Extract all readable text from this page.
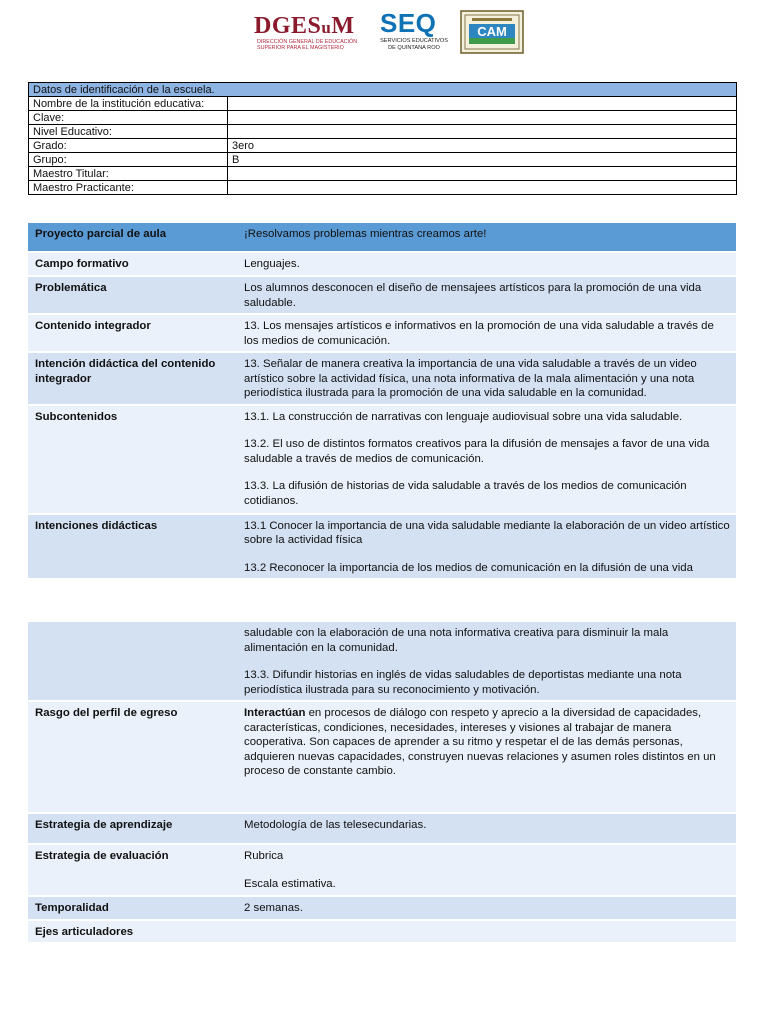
DGESuM
DIRECCIÓN GENERAL DE EDUCACIÓN
SUPERIOR PARA EL MAGISTERIO
SEQ
SERVICIOS EDUCATIVOS
DE QUINTANA ROO
CAM
Datos de identificación de la escuela.	
Nombre de la institución educativa:	
Clave:	
Nivel Educativo:	
Grado:	3ero
Grupo:	B
Maestro Titular:	
Maestro Practicante:	
Proyecto parcial de aula	¡Resolvamos problemas mientras creamos arte!
Campo formativo	Lenguajes.
Problemática	Los alumnos desconocen el diseño de mensajees artísticos para la promoción de una vida saludable.
Contenido integrador	13. Los mensajes artísticos e informativos en la promoción de una vida saludable a través de los medios de comunicación.
Intención didáctica del contenido integrador	13. Señalar de manera creativa la importancia de una vida saludable a través de un video artístico sobre la actividad física, una nota informativa de la mala alimentación y una nota periodística ilustrada para la promoción de una vida saludable en la comunidad.
Subcontenidos	13.1. La construcción de narrativas con lenguaje audiovisual sobre una vida saludable.

13.2. El uso de distintos formatos creativos para la difusión de mensajes a favor de una vida saludable a través de medios de comunicación.

13.3. La difusión de historias de vida saludable a través de los medios de comunicación cotidianos.

Intenciones didácticas	13.1 Conocer la importancia de una vida saludable mediante la elaboración de un video artístico sobre la actividad física

13.2 Reconocer la importancia de los medios de comunicación en la difusión de una vida

	saludable con la elaboración de una nota informativa creativa para disminuir la mala alimentación en la comunidad.

13.3. Difundir historias en inglés de vidas saludables de deportistas mediante una nota periodística ilustrada para su reconocimiento y motivación.

Rasgo del perfil de egreso	Interactúan en procesos de diálogo con respeto y aprecio a la diversidad de capacidades, características, condiciones, necesidades, intereses y visiones al trabajar de manera cooperativa. Son capaces de aprender a su ritmo y respetar el de las demás personas, adquieren nuevas capacidades, construyen nuevas relaciones y asumen roles distintos en un proceso de constante cambio.
Estrategia de aprendizaje	Metodología de las telesecundarias.
Estrategia de evaluación	Rubrica

Escala estimativa.

Temporalidad	2 semanas.
Ejes articuladores	
